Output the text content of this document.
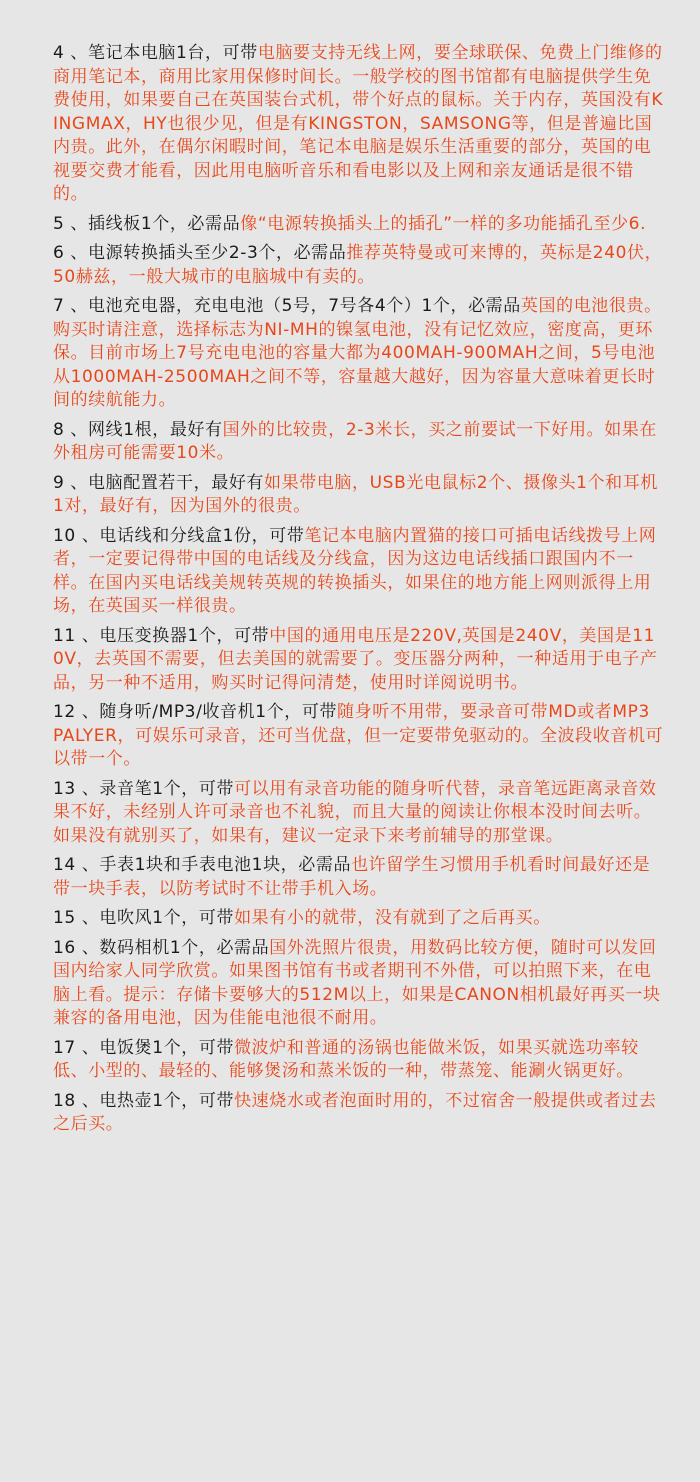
4 、笔记本电脑1台，可带电脑要支持无线上网，要全球联保、免费上门维修的商用笔记本，商用比家用保修时间长。一般学校的图书馆都有电脑提供学生免费使用，如果要自己在英国装台式机，带个好点的鼠标。关于内存，英国没有KINGMAX，HY也很少见，但是有KINGSTON，SAMSONG等，但是普遍比国内贵。此外，在偶尔闲暇时间，笔记本电脑是娱乐生活重要的部分，英国的电视要交费才能看，因此用电脑听音乐和看电影以及上网和亲友通话是很不错的。

5 、插线板1个，必需品像“电源转换插头上的插孔”一样的多功能插孔至少6.

6 、电源转换插头至少2-3个，必需品推荐英特曼或可来博的，英标是240伏，50赫兹，一般大城市的电脑城中有卖的。

7 、电池充电器，充电电池（5号，7号各4个）1个，必需品英国的电池很贵。购买时请注意，选择标志为NI-MH的镍氢电池，没有记忆效应，密度高，更环保。目前市场上7号充电电池的容量大都为400MAH-900MAH之间，5号电池从1000MAH-2500MAH之间不等，容量越大越好，因为容量大意味着更长时间的续航能力。

8 、网线1根，最好有国外的比较贵，2-3米长，买之前要试一下好用。如果在外租房可能需要10米。

9 、电脑配置若干，最好有如果带电脑，USB光电鼠标2个、摄像头1个和耳机1对，最好有，因为国外的很贵。

10 、电话线和分线盒1份，可带笔记本电脑内置猫的接口可插电话线拨号上网者，一定要记得带中国的电话线及分线盒，因为这边电话线插口跟国内不一样。在国内买电话线美规转英规的转换插头，如果住的地方能上网则派得上用场，在英国买一样很贵。

11 、电压变换器1个，可带中国的通用电压是220V,英国是240V，美国是110V，去英国不需要，但去美国的就需要了。变压器分两种，一种适用于电子产品，另一种不适用，购买时记得问清楚，使用时详阅说明书。

12 、随身听/MP3/收音机1个，可带随身听不用带，要录音可带MD或者MP3 PALYER，可娱乐可录音，还可当优盘，但一定要带免驱动的。全波段收音机可以带一个。

13 、录音笔1个，可带可以用有录音功能的随身听代替，录音笔远距离录音效果不好，未经别人许可录音也不礼貌，而且大量的阅读让你根本没时间去听。如果没有就别买了，如果有，建议一定录下来考前辅导的那堂课。

14 、手表1块和手表电池1块，必需品也许留学生习惯用手机看时间最好还是带一块手表，以防考试时不让带手机入场。

15 、电吹风1个，可带如果有小的就带，没有就到了之后再买。

16 、数码相机1个，必需品国外洗照片很贵，用数码比较方便，随时可以发回国内给家人同学欣赏。如果图书馆有书或者期刊不外借，可以拍照下来，在电脑上看。提示：存储卡要够大的512M以上，如果是CANON相机最好再买一块兼容的备用电池，因为佳能电池很不耐用。

17 、电饭煲1个，可带微波炉和普通的汤锅也能做米饭，如果买就选功率较低、小型的、最轻的、能够煲汤和蒸米饭的一种，带蒸笼、能涮火锅更好。

18 、电热壶1个，可带快速烧水或者泡面时用的，不过宿舍一般提供或者过去之后买。
